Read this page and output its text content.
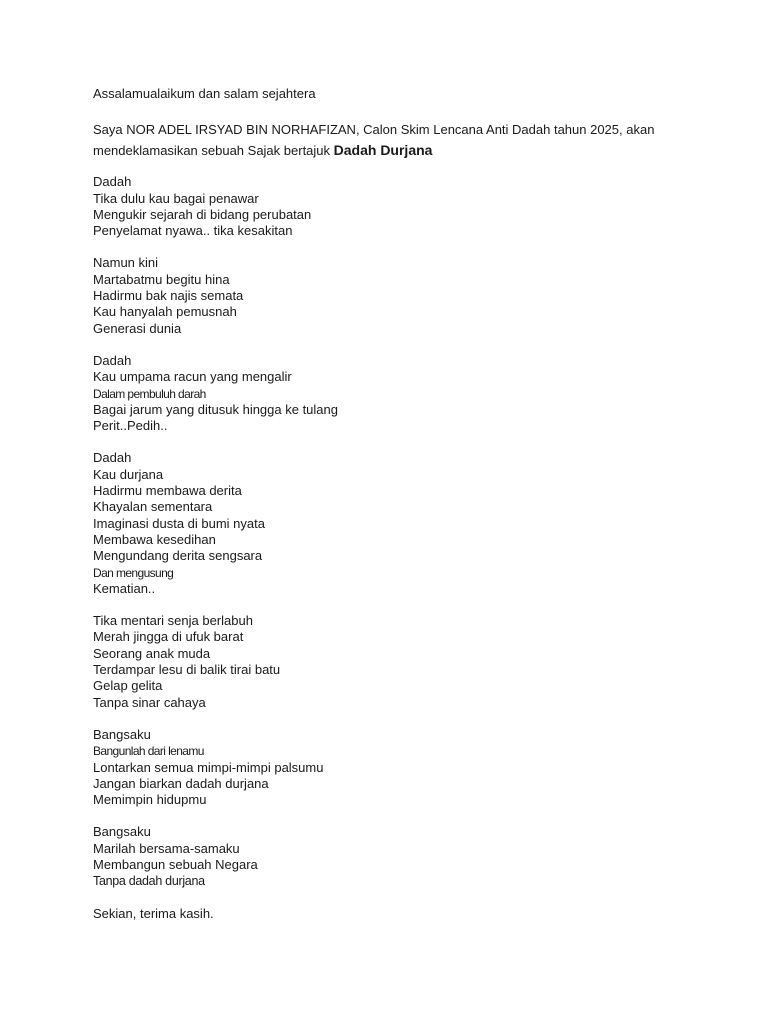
Assalamualaikum dan salam sejahtera
Saya NOR ADEL IRSYAD BIN NORHAFIZAN, Calon Skim Lencana Anti Dadah tahun 2025, akan
mendeklamasikan sebuah Sajak bertajuk Dadah Durjana
Dadah
Tika dulu kau bagai penawar
Mengukir sejarah di bidang perubatan
Penyelamat nyawa.. tika kesakitan
Namun kini
Martabatmu begitu hina
Hadirmu bak najis semata
Kau hanyalah pemusnah
Generasi dunia
Dadah
Kau umpama racun yang mengalir
Dalam pembuluh darah
Bagai jarum yang ditusuk hingga ke tulang
Perit..Pedih..
Dadah
Kau durjana
Hadirmu membawa derita
Khayalan sementara
Imaginasi dusta di bumi nyata
Membawa kesedihan
Mengundang derita sengsara
Dan mengusung
Kematian..
Tika mentari senja berlabuh
Merah jingga di ufuk barat
Seorang anak muda
Terdampar lesu di balik tirai batu
Gelap gelita
Tanpa sinar cahaya
Bangsaku
Bangunlah dari lenamu
Lontarkan semua mimpi-mimpi palsumu
Jangan biarkan dadah durjana
Memimpin hidupmu
Bangsaku
Marilah bersama-samaku
Membangun sebuah Negara
Tanpa dadah durjana
Sekian, terima kasih.
